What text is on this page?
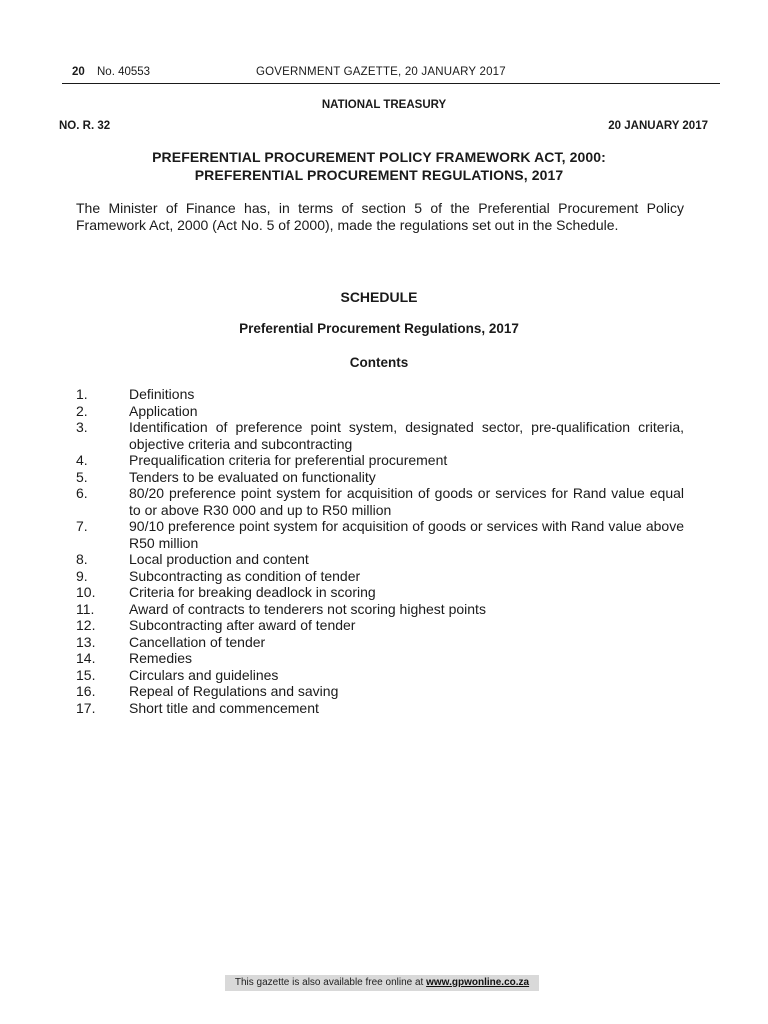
20 No. 40553	GOVERNMENT GAZETTE, 20 JANUARY 2017
NATIONAL TREASURY
NO. R. 32	20 JANUARY 2017
PREFERENTIAL PROCUREMENT POLICY FRAMEWORK ACT, 2000:
PREFERENTIAL PROCUREMENT REGULATIONS, 2017

The Minister of Finance has, in terms of section 5 of the Preferential Procurement Policy Framework Act, 2000 (Act No. 5 of 2000), made the regulations set out in the Schedule.

SCHEDULE
Preferential Procurement Regulations, 2017
Contents
1.	Definitions
2.	Application
3.	Identification of preference point system, designated sector, pre-qualification criteria, objective criteria and subcontracting
4.	Prequalification criteria for preferential procurement
5.	Tenders to be evaluated on functionality
6.	80/20 preference point system for acquisition of goods or services for Rand value equal to or above R30 000 and up to R50 million
7.	90/10 preference point system for acquisition of goods or services with Rand value above R50 million
8.	Local production and content
9.	Subcontracting as condition of tender
10.	Criteria for breaking deadlock in scoring
11.	Award of contracts to tenderers not scoring highest points
12.	Subcontracting after award of tender
13.	Cancellation of tender
14.	Remedies
15.	Circulars and guidelines
16.	Repeal of Regulations and saving
17.	Short title and commencement
This gazette is also available free online at www.gpwonline.co.za
